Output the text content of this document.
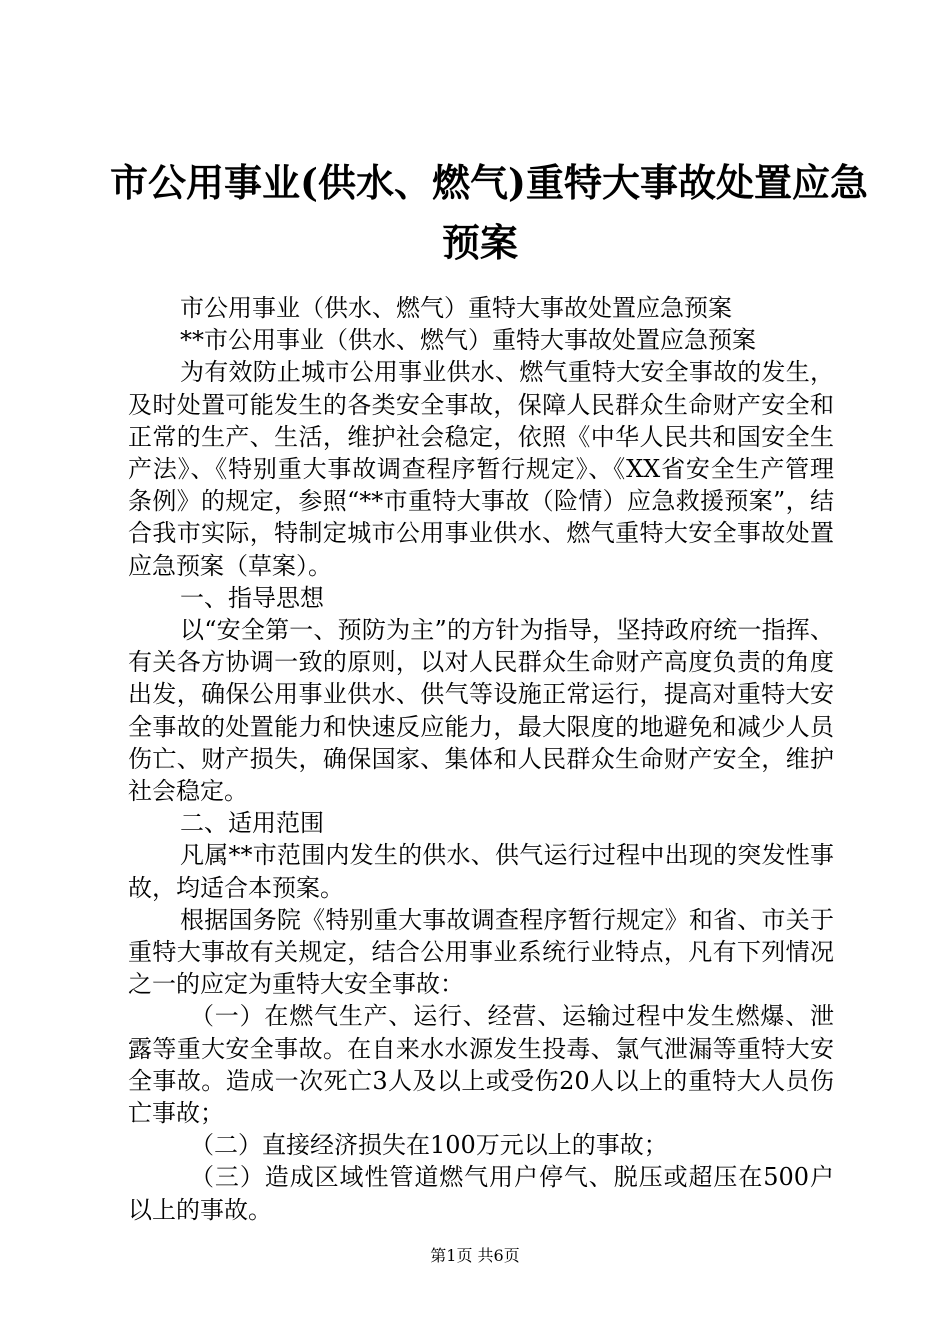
市公用事业(供水、燃气)重特大事故处置应急
预案

市公用事业（供水、燃气）重特大事故处置应急预案

**市公用事业（供水、燃气）重特大事故处置应急预案

为有效防止城市公用事业供水、燃气重特大安全事故的发生，及时处置可能发生的各类安全事故，保障人民群众生命财产安全和正常的生产、生活，维护社会稳定，依照《中华人民共和国安全生产法》、《特别重大事故调查程序暂行规定》、《XX省安全生产管理条例》的规定，参照“**市重特大事故（险情）应急救援预案”，结合我市实际，特制定城市公用事业供水、燃气重特大安全事故处置应急预案（草案）。

一、指导思想

以“安全第一、预防为主”的方针为指导，坚持政府统一指挥、有关各方协调一致的原则，以对人民群众生命财产高度负责的角度出发，确保公用事业供水、供气等设施正常运行，提高对重特大安全事故的处置能力和快速反应能力，最大限度的地避免和减少人员伤亡、财产损失，确保国家、集体和人民群众生命财产安全，维护社会稳定。

二、适用范围

凡属**市范围内发生的供水、供气运行过程中出现的突发性事故，均适合本预案。

根据国务院《特别重大事故调查程序暂行规定》和省、市关于重特大事故有关规定，结合公用事业系统行业特点，凡有下列情况之一的应定为重特大安全事故：

（一）在燃气生产、运行、经营、运输过程中发生燃爆、泄露等重大安全事故。在自来水水源发生投毒、氯气泄漏等重特大安全事故。造成一次死亡3人及以上或受伤20人以上的重特大人员伤亡事故；

（二）直接经济损失在100万元以上的事故；

（三）造成区域性管道燃气用户停气、脱压或超压在500户以上的事故。

第1页 共6页
